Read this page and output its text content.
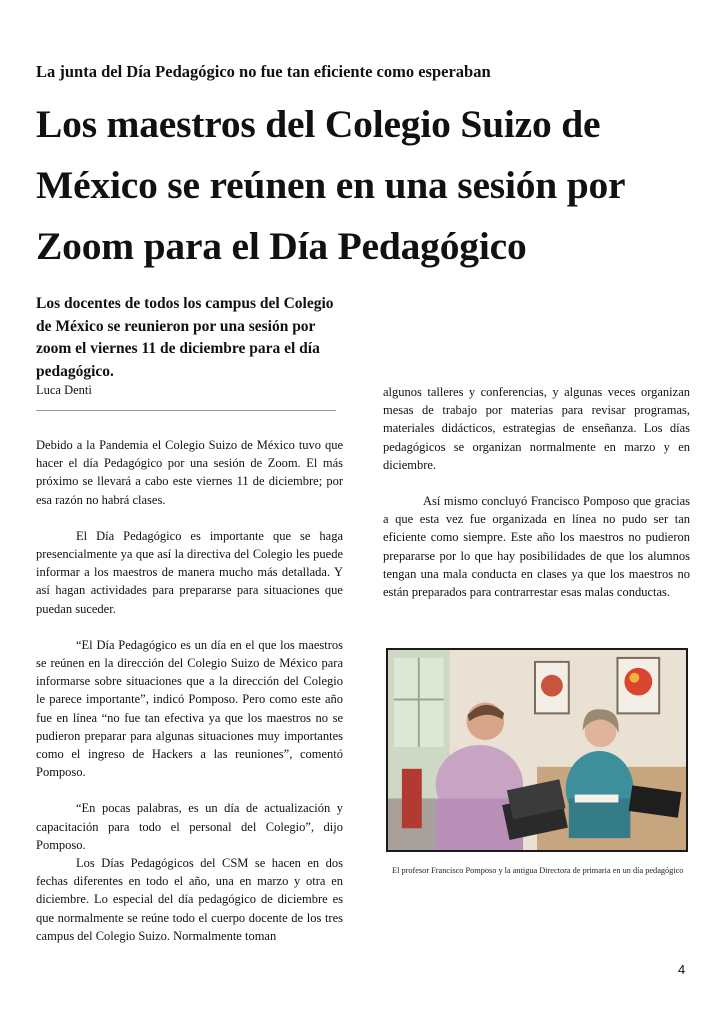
La junta del Día Pedagógico no fue tan eficiente como esperaban

Los maestros del Colegio Suizo de México se reúnen en una sesión por Zoom para el Día Pedagógico

Los docentes de todos los campus del Colegio de México se reunieron por una sesión por zoom el viernes 11 de diciembre para el día pedagógico.

Luca Denti

Debido a la Pandemia el Colegio Suizo de México tuvo que hacer el día Pedagógico por una sesión de Zoom. El más próximo se llevará a cabo este viernes 11 de diciembre; por esa razón no habrá clases.

El Día Pedagógico es importante que se haga presencialmente ya que así la directiva del Colegio les puede informar a los maestros de manera mucho más detallada. Y así hagan actividades para prepararse para situaciones que puedan suceder.

“El Día Pedagógico es un día en el que los maestros se reúnen en la dirección del Colegio Suizo de México para informarse sobre situaciones que a la dirección del Colegio le parece importante”, indicó Pomposo. Pero como este año fue en línea “no fue tan efectiva ya que los maestros no se pudieron preparar para algunas situaciones muy importantes como el ingreso de Hackers a las reuniones”, comentó Pomposo.

“En pocas palabras, es un día de actualización y capacitación para todo el personal del Colegio”, dijo Pomposo.

Los Días Pedagógicos del CSM se hacen en dos fechas diferentes en todo el año, una en marzo y otra en diciembre. Lo especial del día pedagógico de diciembre es que normalmente se reúne todo el cuerpo docente de los tres campus del Colegio Suizo. Normalmente toman

algunos talleres y conferencias, y algunas veces organizan mesas de trabajo por materias para revisar programas, materiales didácticos, estrategias de enseñanza. Los días pedagógicos se organizan normalmente en marzo y en diciembre.

Así mismo concluyó Francisco Pomposo que gracias a que esta vez fue organizada en línea no pudo ser tan eficiente como siempre. Este año los maestros no pudieron prepararse por lo que hay posibilidades de que los alumnos tengan una mala conducta en clases ya que los maestros no están preparados para contrarrestar esas malas conductas.

El profesor Francisco Pomposo y la antigua Directora de primaria en un día pedagógico

4
